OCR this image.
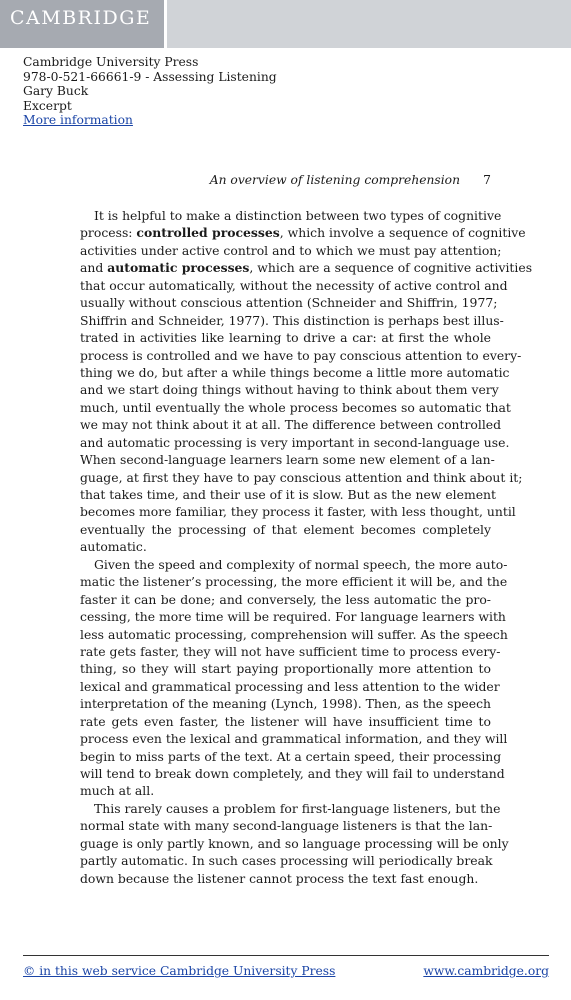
CAMBRIDGE
Cambridge University Press
978-0-521-66661-9 - Assessing Listening
Gary Buck
Excerpt
More information
An overview of listening comprehension 7
It is helpful to make a distinction between two types of cognitive
process: controlled processes, which involve a sequence of cognitive
activities under active control and to which we must pay attention;
and automatic processes, which are a sequence of cognitive activities
that occur automatically, without the necessity of active control and
usually without conscious attention (Schneider and Shiffrin, 1977;
Shiffrin and Schneider, 1977). This distinction is perhaps best illus-
trated in activities like learning to drive a car: at first the whole
process is controlled and we have to pay conscious attention to every-
thing we do, but after a while things become a little more automatic
and we start doing things without having to think about them very
much, until eventually the whole process becomes so automatic that
we may not think about it at all. The difference between controlled
and automatic processing is very important in second-language use.
When second-language learners learn some new element of a lan-
guage, at first they have to pay conscious attention and think about it;
that takes time, and their use of it is slow. But as the new element
becomes more familiar, they process it faster, with less thought, until
eventually the processing of that element becomes completely
automatic.
Given the speed and complexity of normal speech, the more auto-
matic the listener’s processing, the more efficient it will be, and the
faster it can be done; and conversely, the less automatic the pro-
cessing, the more time will be required. For language learners with
less automatic processing, comprehension will suffer. As the speech
rate gets faster, they will not have sufficient time to process every-
thing, so they will start paying proportionally more attention to
lexical and grammatical processing and less attention to the wider
interpretation of the meaning (Lynch, 1998). Then, as the speech
rate gets even faster, the listener will have insufficient time to
process even the lexical and grammatical information, and they will
begin to miss parts of the text. At a certain speed, their processing
will tend to break down completely, and they will fail to understand
much at all.
This rarely causes a problem for first-language listeners, but the
normal state with many second-language listeners is that the lan-
guage is only partly known, and so language processing will be only
partly automatic. In such cases processing will periodically break
down because the listener cannot process the text fast enough.
© in this web service Cambridge University Press	www.cambridge.org
